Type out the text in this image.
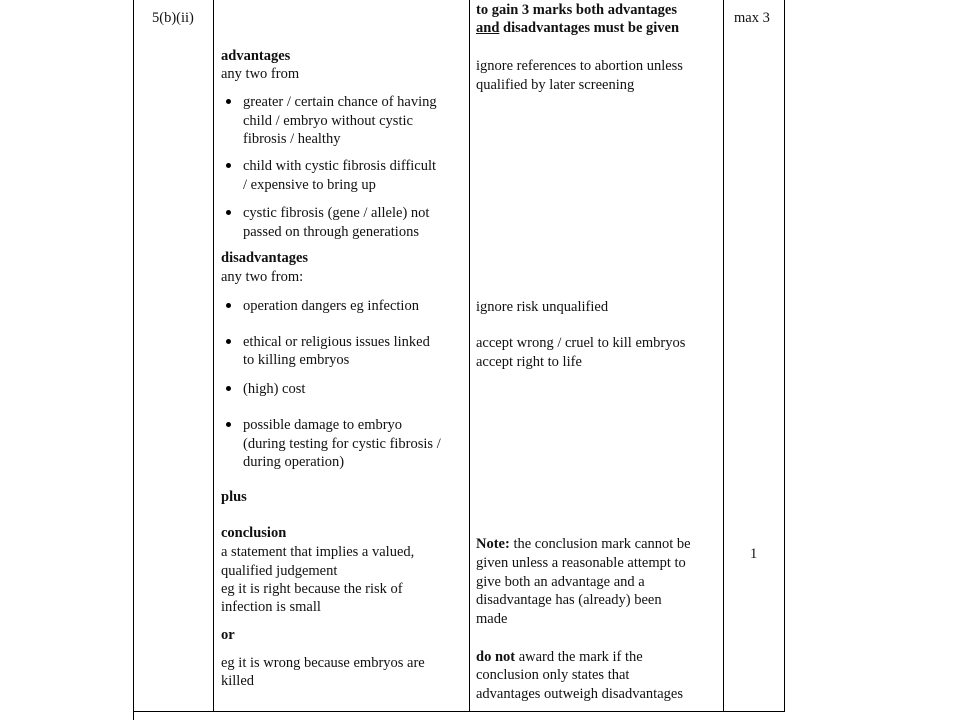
5(b)(ii)
advantages
any two from
greater / certain chance of having
child / embryo without cystic
fibrosis / healthy
child with cystic fibrosis difficult
/ expensive to bring up
cystic fibrosis (gene / allele) not
passed on through generations
disadvantages
any two from:
operation dangers eg infection
ethical or religious issues linked
to killing embryos
(high) cost
possible damage to embryo
(during testing for cystic fibrosis /
during operation)
plus
conclusion
a statement that implies a valued,
qualified judgement
eg it is right because the risk of
infection is small
or
eg it is wrong because embryos are
killed
to gain 3 marks both advantages
and disadvantages must be given
ignore references to abortion unless
qualified by later screening
ignore risk unqualified
accept wrong / cruel to kill embryos
accept right to life
Note: the conclusion mark cannot be
given unless a reasonable attempt to
give both an advantage and a
disadvantage has (already) been
made
do not award the mark if the
conclusion only states that
advantages outweigh disadvantages
max 3
1
